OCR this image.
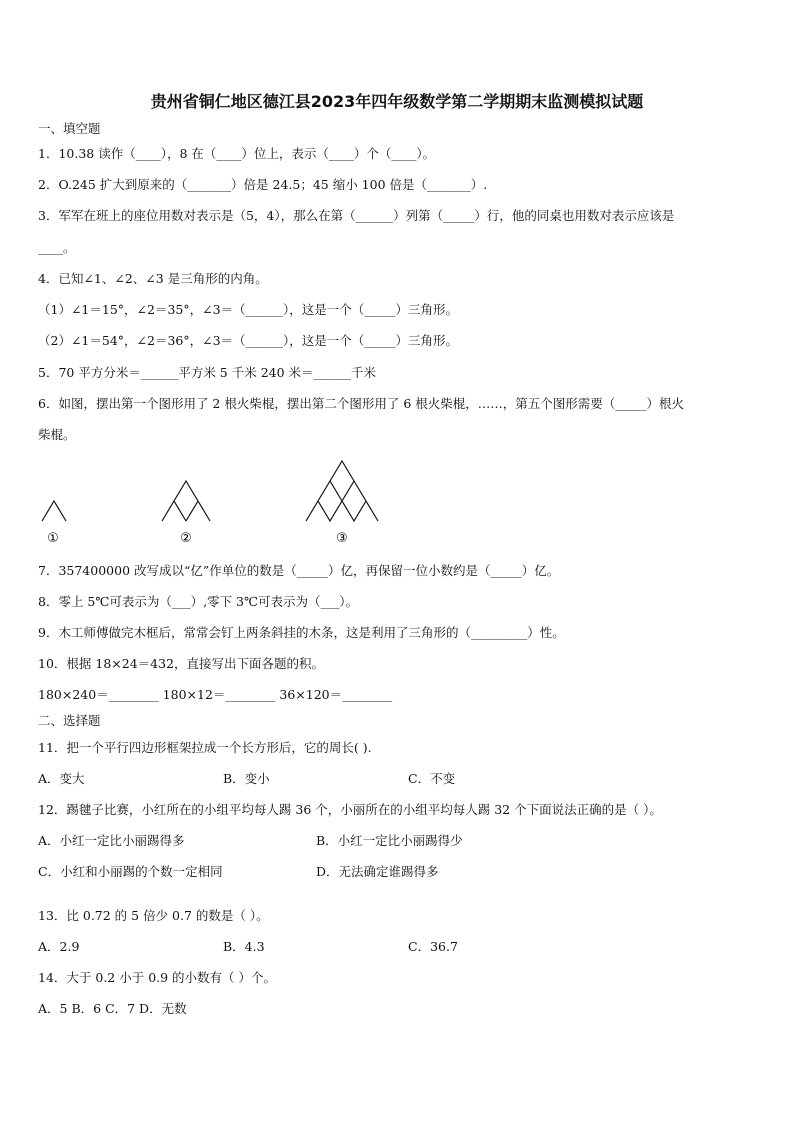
贵州省铜仁地区德江县2023年四年级数学第二学期期末监测模拟试题
一、填空题
1．10.38 读作（____），8 在（____）位上，表示（____）个（____）。
2．O.245 扩大到原来的（_______）倍是 24.5；45 缩小 100 倍是（_______）.
3．军军在班上的座位用数对表示是（5，4），那么在第（______）列第（_____）行，他的同桌也用数对表示应该是
____。
4．已知∠1、∠2、∠3 是三角形的内角。
（1）∠1＝15°，∠2＝35°，∠3＝（______），这是一个（_____）三角形。
（2）∠1＝54°，∠2＝36°，∠3＝（______），这是一个（_____）三角形。
5．70 平方分米＝______平方米 5 千米 240 米＝______千米
6．如图，摆出第一个图形用了 2 根火柴棍，摆出第二个图形用了 6 根火柴棍，……，第五个图形需要（_____）根火
柴棍。
①	②	③
7．357400000 改写成以“亿”作单位的数是（_____）亿，再保留一位小数约是（_____）亿。
8．零上 5℃可表示为（___）,零下 3℃可表示为（___）。
9．木工师傅做完木框后，常常会钉上两条斜挂的木条，这是利用了三角形的（_________）性。
10．根据 18×24＝432，直接写出下面各题的积。
180×240＝________ 180×12＝________ 36×120＝________
二、选择题
11．把一个平行四边形框架拉成一个长方形后，它的周长( ).
A．变大	B．变小	C．不变
12．踢毽子比赛，小红所在的小组平均每人踢 36 个，小丽所在的小组平均每人踢 32 个下面说法正确的是（ ）。
A．小红一定比小丽踢得多	B．小红一定比小丽踢得少
C．小红和小丽踢的个数一定相同	D．无法确定谁踢得多
13．比 0.72 的 5 倍少 0.7 的数是（ ）。
A．2.9	B．4.3	C．36.7
14．大于 0.2 小于 0.9 的小数有（ ）个。
A．5 B．6 C．7 D．无数
